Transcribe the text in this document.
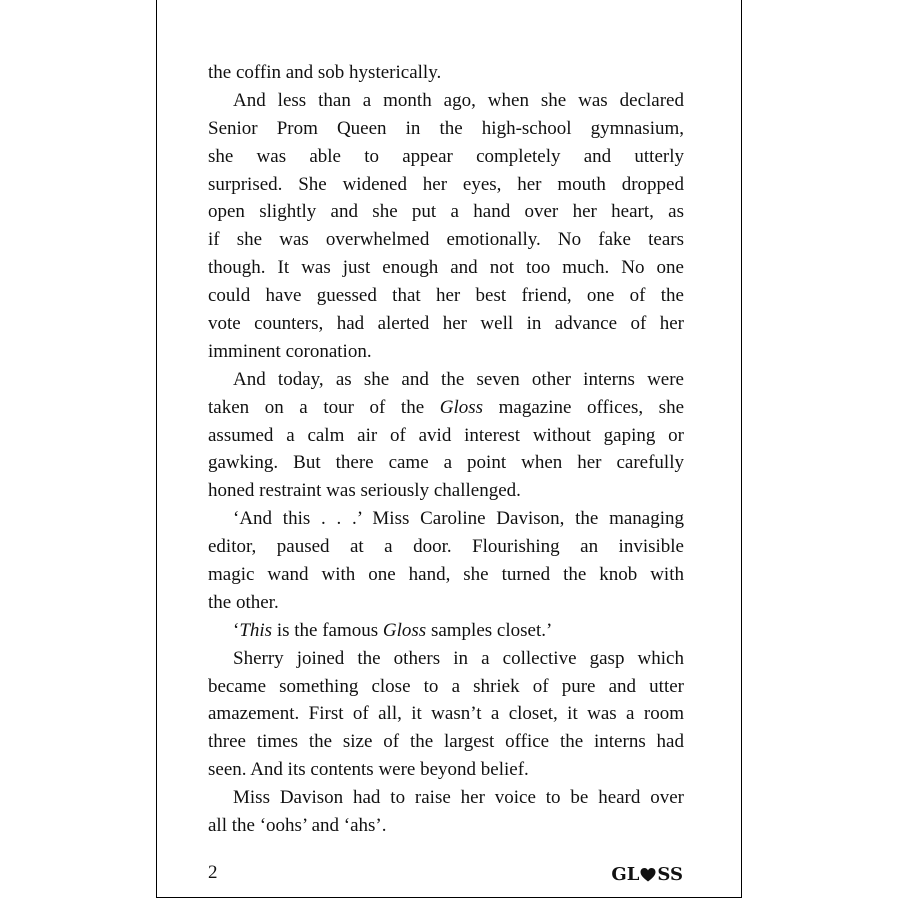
the coffin and sob hysterically.
And less than a month ago, when she was declared
Senior Prom Queen in the high-school gymnasium,
she was able to appear completely and utterly
surprised. She widened her eyes, her mouth dropped
open slightly and she put a hand over her heart, as
if she was overwhelmed emotionally. No fake tears
though. It was just enough and not too much. No one
could have guessed that her best friend, one of the
vote counters, had alerted her well in advance of her
imminent coronation.
And today, as she and the seven other interns were
taken on a tour of the Gloss magazine offices, she
assumed a calm air of avid interest without gaping or
gawking. But there came a point when her carefully
honed restraint was seriously challenged.
‘And this . . .’ Miss Caroline Davison, the managing
editor, paused at a door. Flourishing an invisible
magic wand with one hand, she turned the knob with
the other.
‘This is the famous Gloss samples closet.’
Sherry joined the others in a collective gasp which
became something close to a shriek of pure and utter
amazement. First of all, it wasn’t a closet, it was a room
three times the size of the largest office the interns had
seen. And its contents were beyond belief.
Miss Davison had to raise her voice to be heard over
all the ‘oohs’ and ‘ahs’.
2	GL SS
